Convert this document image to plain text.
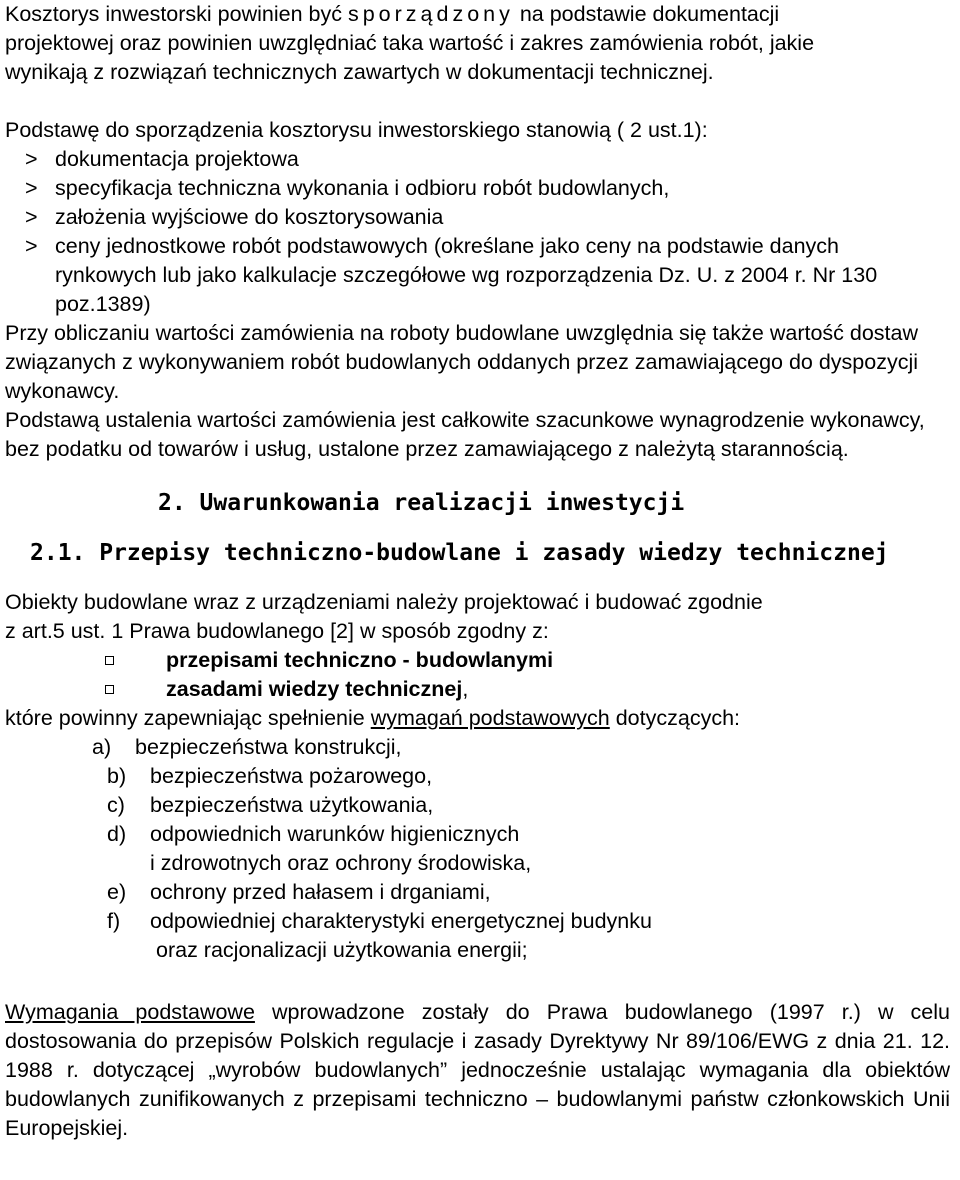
Kosztorys inwestorski powinien być sporządzony na podstawie dokumentacji

projektowej oraz powinien uwzględniać taka wartość i zakres zamówienia robót, jakie

wynikają z rozwiązań technicznych zawartych w dokumentacji technicznej.

Podstawę do sporządzenia kosztorysu inwestorskiego stanowią ( 2 ust.1):

> dokumentacja projektowa
> specyfikacja techniczna wykonania i odbioru robót budowlanych,
> założenia wyjściowe do kosztorysowania
> ceny jednostkowe robót podstawowych (określane jako ceny na podstawie danych rynkowych lub jako kalkulacje szczegółowe wg rozporządzenia Dz. U. z 2004 r. Nr 130 poz.1389)

Przy obliczaniu wartości zamówienia na roboty budowlane uwzględnia się także wartość dostaw związanych z wykonywaniem robót budowlanych oddanych przez zamawiającego do dyspozycji wykonawcy.

Podstawą ustalenia wartości zamówienia jest całkowite szacunkowe wynagrodzenie wykonawcy, bez podatku od towarów i usług, ustalone przez zamawiającego z należytą starannością.

2. Uwarunkowania realizacji inwestycji

2.1. Przepisy techniczno-budowlane i zasady wiedzy technicznej

Obiekty budowlane wraz z urządzeniami należy projektować i budować zgodnie

z art.5 ust. 1 Prawa budowlanego [2] w sposób zgodny z:

przepisami techniczno - budowlanymi
zasadami wiedzy technicznej ,

które powinny zapewniając spełnienie wymagań podstawowych dotyczących:

a)	bezpieczeństwa konstrukcji,
b)	bezpieczeństwa pożarowego,
c)	bezpieczeństwa użytkowania,
d)	odpowiednich warunków higienicznych

i zdrowotnych oraz ochrony środowiska,

e)	ochrony przed hałasem i drganiami,
f)	odpowiedniej charakterystyki energetycznej budynku

oraz racjonalizacji użytkowania energii;

Wymagania podstawowe wprowadzone zostały do Prawa budowlanego (1997 r.) w celu dostosowania do przepisów Polskich regulacje i zasady Dyrektywy Nr 89/106/EWG z dnia 21. 12. 1988 r. dotyczącej „wyrobów budowlanych” jednocześnie ustalając wymagania dla obiektów budowlanych zunifikowanych z przepisami techniczno – budowlanymi państw członkowskich Unii Europejskiej.
